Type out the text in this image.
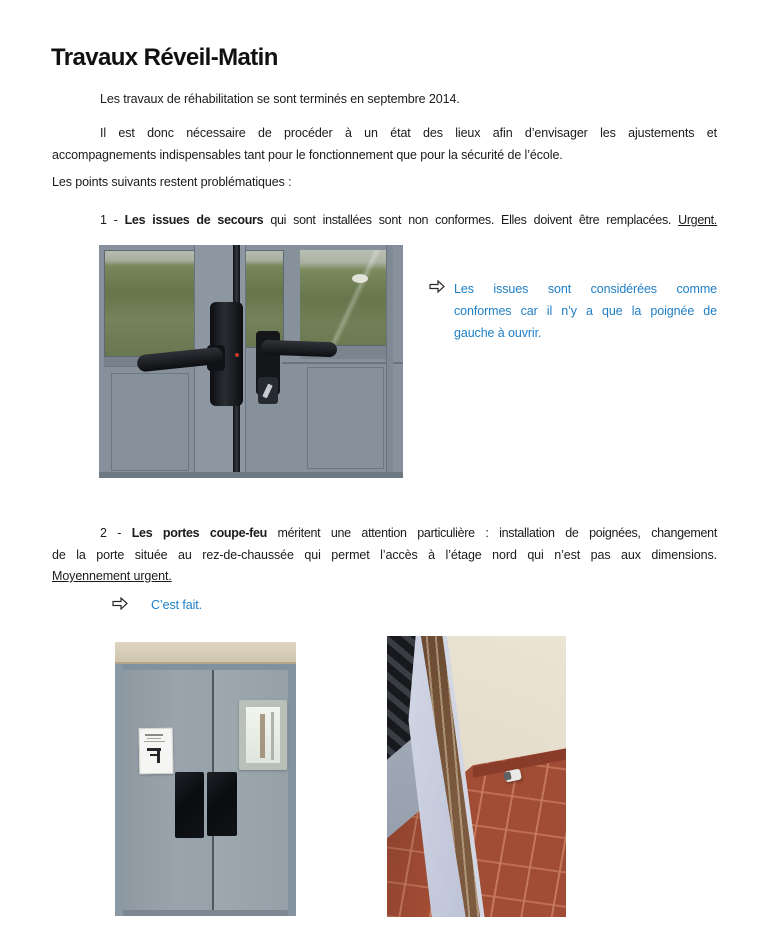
Travaux Réveil-Matin
Les travaux de réhabilitation se sont terminés en septembre 2014.
Il est donc nécessaire de procéder à un état des lieux afin d’envisager les ajustements et
accompagnements indispensables tant pour le fonctionnement que pour la sécurité de l’école.
Les points suivants restent problématiques :
1 - Les issues de secours qui sont installées sont non conformes. Elles doivent être remplacées. Urgent.
Les issues sont considérées comme
conformes car il n’y a que la poignée de
gauche à ouvrir.
2 - Les portes coupe-feu méritent une attention particulière : installation de poignées, changement
de la porte située au rez-de-chaussée qui permet l’accès à l’étage nord qui n’est pas aux dimensions.
Moyennement urgent.
C’est fait.
